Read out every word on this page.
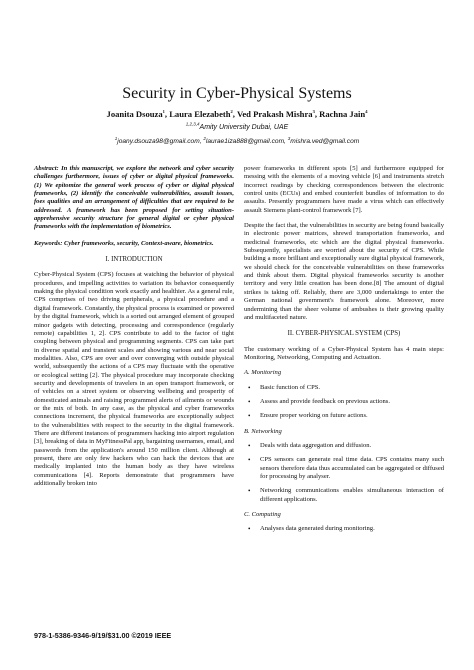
Security in Cyber-Physical Systems
Joanita Dsouza$^1$, Laura Elezabeth$^2$, Ved Prakash Mishra$^3$, Rachna Jain$^4$
$^{1,2,3,4}$Amity University Dubai, UAE
$^1$joany.dsouza98@gmail.com, $^2$laurae1iza888@gmail.com, $^3$mishra.ved@gmail.com

Abstract: In this manuscript, we explore the network and cyber security challenges furthermore, issues of cyber or digital physical frameworks. (1) We epitomize the general work process of cyber or digital physical frameworks, (2) identify the conceivable vulnerabilities, assault issues, foes qualities and an arrangement of difficulties that are required to be addressed. A framework has been proposed for setting situation- apprehensive security structure for general digital or cyber physical frameworks with the implementation of biometrics.

Keywords: Cyber frameworks, security, Context-aware, biometrics.

I. INTRODUCTION

Cyber-Physical System (CPS) focuses at watching the behavior of physical procedures, and impelling activities to variation its behavior consequently making the physical condition work exactly and healthier. As a general rule, CPS comprises of two driving peripherals, a physical procedure and a digital framework. Constantly, the physical process is examined or powered by the digital framework, which is a sorted out arranged element of grouped minor gadgets with detecting, processing and correspondence (regularly remote) capabilities 1, 2]. CPS contribute to add to the factor of tight coupling between physical and programming segments. CPS can take part in diverse spatial and transient scales and showing various and near social modalities. Also, CPS are over and over converging with outside physical world, subsequently the actions of a CPS may fluctuate with the operative or ecological setting [2]. The physical procedure may incorporate checking security and developments of travelers in an open transport framework, or of vehicles on a street system or observing wellbeing and prosperity of domesticated animals and raising programmed alerts of ailments or wounds or the mix of both. In any case, as the physical and cyber frameworks connections increment, the physical frameworks are exceptionally subject to the vulnerabilities with respect to the security in the digital framework. There are different instances of programmers hacking into airport regulation [3], breaking of data in MyFitnessPal app, bargaining usernames, email, and passwords from the application's around 150 million client. Although at present, there are only few hackers who can hack the devices that are medically implanted into the human body as they have wireless communications [4]. Reports demonstrate that programmers have additionally broken into

power frameworks in different spots [5] and furthermore equipped for messing with the elements of a moving vehicle [6] and instruments stretch incorrect readings by checking correspondences between the electronic control units (ECUs) and embed counterfeit bundles of information to do assaults. Presently programmers have made a virus which can effectively assault Siemens plant-control framework [7].

Despite the fact that, the vulnerabilities in security are being found basically in electronic power matrices, shrewd transportation frameworks, and medicinal frameworks, etc which are the digital physical frameworks. Subsequently, specialists are worried about the security of CPS. While building a more brilliant and exceptionally sure digital physical framework, we should check for the conceivable vulnerabilities on these frameworks and think about them. Digital physical frameworks security is another territory and very little creation has been done.[8] The amount of digital strikes is taking off. Reliably, there are 3,000 undertakings to enter the German national government's framework alone. Moreover, more undermining than the sheer volume of ambushes is their growing quality and multifaceted nature.

II. CYBER-PHYSICAL SYSTEM (CPS)

The customary working of a Cyber-Physical System has 4 main steps: Monitoring, Networking, Computing and Actuation.

A. Monitoring

• Basic function of CPS.
• Assess and provide feedback on previous actions.
• Ensure proper working on future actions.

B. Networking

• Deals with data aggregation and diffusion.
• CPS sensors can generate real time data. CPS contains many such sensors therefore data thus accumulated can be aggregated or diffused for processing by analyser.
• Networking communications enables simultaneous interaction of different applications.

C. Computing

• Analyses data generated during monitoring.
978-1-5386-9346-9/19/$31.00 ©2019 IEEE
